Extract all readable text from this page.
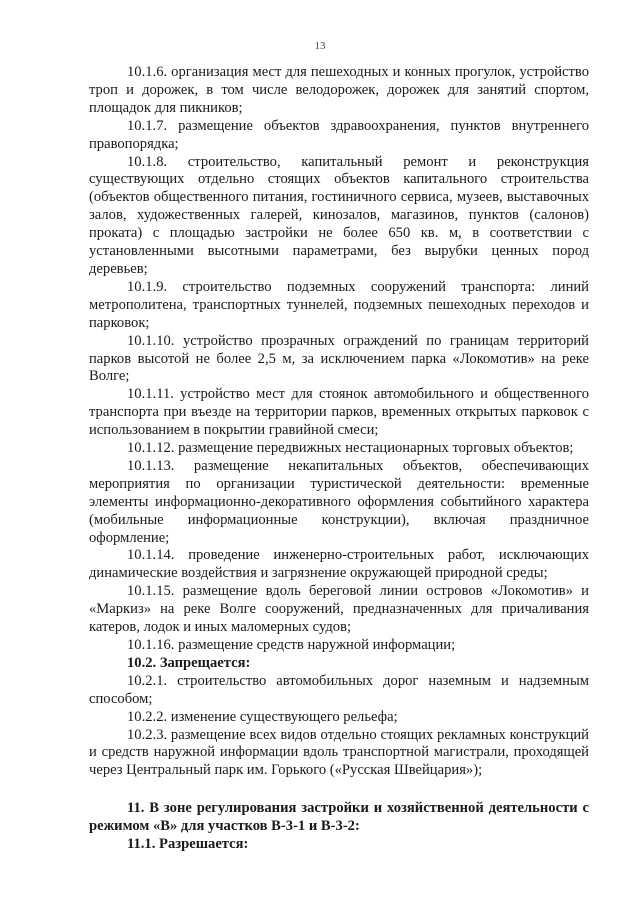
13

10.1.6. организация мест для пешеходных и конных прогулок, устройство троп и дорожек, в том числе велодорожек, дорожек для занятий спортом, площадок для пикников;

10.1.7. размещение объектов здравоохранения, пунктов внутреннего правопорядка;

10.1.8. строительство, капитальный ремонт и реконструкция существующих отдельно стоящих объектов капитального строительства (объектов общественного питания, гостиничного сервиса, музеев, выставочных залов, художественных галерей, кинозалов, магазинов, пунктов (салонов) проката) с площадью застройки не более 650 кв. м, в соответствии с установленными высотными параметрами, без вырубки ценных пород деревьев;

10.1.9. строительство подземных сооружений транспорта: линий метрополитена, транспортных туннелей, подземных пешеходных переходов и парковок;

10.1.10. устройство прозрачных ограждений по границам территорий парков высотой не более 2,5 м, за исключением парка «Локомотив» на реке Волге;

10.1.11. устройство мест для стоянок автомобильного и общественного транспорта при въезде на территории парков, временных открытых парковок с использованием в покрытии гравийной смеси;

10.1.12. размещение передвижных нестационарных торговых объектов;

10.1.13. размещение некапитальных объектов, обеспечивающих мероприятия по организации туристической деятельности: временные элементы информационно-декоративного оформления событийного характера (мобильные информационные конструкции), включая праздничное оформление;

10.1.14. проведение инженерно-строительных работ, исключающих динамические воздействия и загрязнение окружающей природной среды;

10.1.15. размещение вдоль береговой линии островов «Локомотив» и «Маркиз» на реке Волге сооружений, предназначенных для причаливания катеров, лодок и иных маломерных судов;

10.1.16. размещение средств наружной информации;

10.2. Запрещается:

10.2.1. строительство автомобильных дорог наземным и надземным способом;

10.2.2. изменение существующего рельефа;

10.2.3. размещение всех видов отдельно стоящих рекламных конструкций и средств наружной информации вдоль транспортной магистрали, проходящей через Центральный парк им. Горького («Русская Швейцария»);

11. В зоне регулирования застройки и хозяйственной деятельности с режимом «В» для участков В-3-1 и В-3-2:

11.1. Разрешается:
